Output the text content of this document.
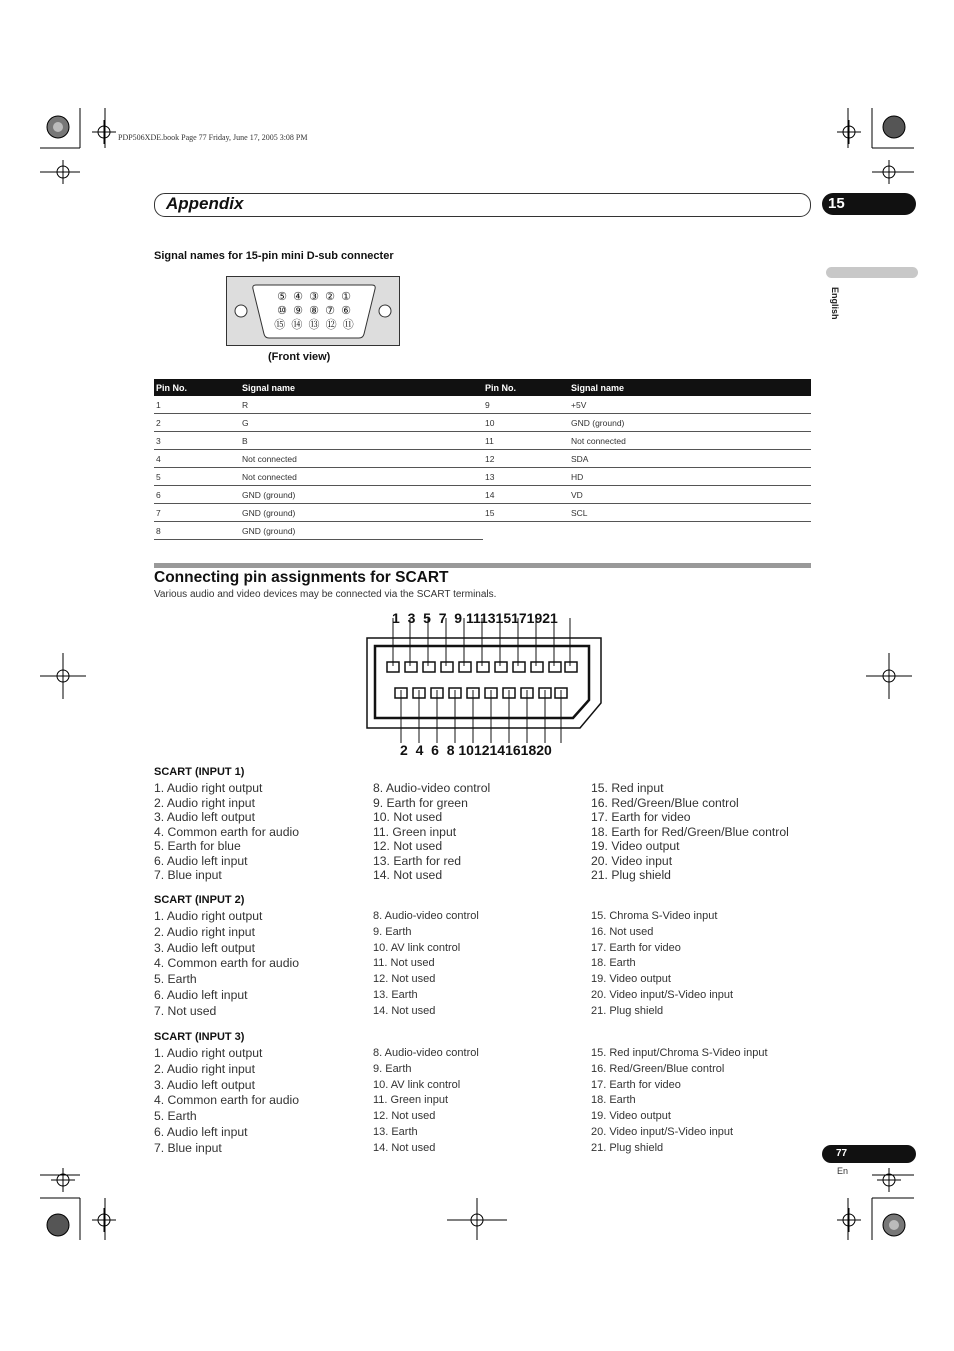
PDP506XDE.book Page 77 Friday, June 17, 2005 3:08 PM
Appendix	15
English
Signal names for 15-pin mini D-sub connecter
⑤ ④ ③ ② ①
⑩ ⑨ ⑧ ⑦ ⑥
⑮ ⑭ ⑬ ⑫ ⑪
(Front view)
Pin No.	Signal name	Pin No.	Signal name
1	R	9	+5V
2	G	10	GND (ground)
3	B	11	Not connected
4	Not connected	12	SDA
5	Not connected	13	HD
6	GND (ground)	14	VD
7	GND (ground)	15	SCL
8	GND (ground)		
Connecting pin assignments for SCART
Various audio and video devices may be connected via the SCART terminals.
1  3  5  7  9 111315171921
2  4  6  8 101214161820
SCART (INPUT 1)
1. Audio right output
2. Audio right input
3. Audio left output
4. Common earth for audio
5. Earth for blue
6. Audio left input
7. Blue input
8. Audio-video control
9. Earth for green
10. Not used
11. Green input
12. Not used
13. Earth for red
14. Not used
15. Red input
16. Red/Green/Blue control
17. Earth for video
18. Earth for Red/Green/Blue control
19. Video output
20. Video input
21. Plug shield
SCART (INPUT 2)
1. Audio right output
2. Audio right input
3. Audio left output
4. Common earth for audio
5. Earth
6. Audio left input
7. Not used
8. Audio-video control
9. Earth
10. AV link control
11. Not used
12. Not used
13. Earth
14. Not used
15. Chroma S-Video input
16. Not used
17. Earth for video
18. Earth
19. Video output
20. Video input/S-Video input
21. Plug shield
SCART (INPUT 3)
1. Audio right output
2. Audio right input
3. Audio left output
4. Common earth for audio
5. Earth
6. Audio left input
7. Blue input
8. Audio-video control
9. Earth
10. AV link control
11. Green input
12. Not used
13. Earth
14. Not used
15. Red input/Chroma S-Video input
16. Red/Green/Blue control
17. Earth for video
18. Earth
19. Video output
20. Video input/S-Video input
21. Plug shield	77
En
